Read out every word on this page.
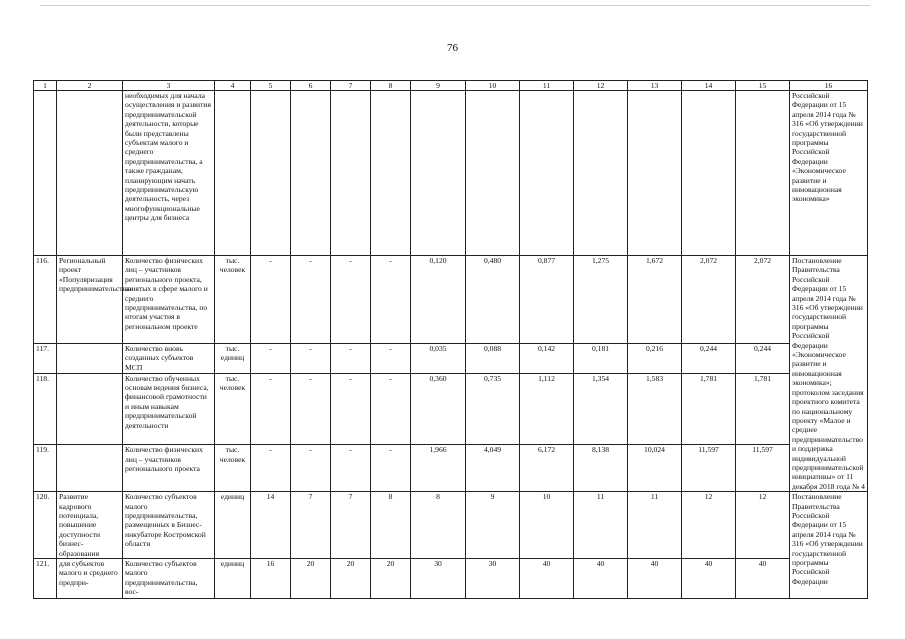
76
1	2	3	4	5	6	7	8	9	10	11	12	13	14	15	16
		необходимых для начала осуществления и развития предпринимательской деятельности, которые были представлены субъектам малого и среднего предпринимательства, а также гражданам, планирующим начать предпринимательскую деятельность, через многофункциональные центры для бизнеса													Российской Федерации от 15 апреля 2014 года № 316 «Об утверждении государственной программы Российской Федерации «Экономическое развитие и инновационная экономика»
116.	Региональный проект «Популяризация предпринимательства»	Количество физических лиц – участников регионального проекта, занятых в сфере малого и среднего предпринимательства, по итогам участия в региональном проекте	тыс. человек	-	-	-	-	0,120	0,480	0,877	1,275	1,672	2,072	2,072	Постановление Правительства Российской Федерации от 15 апреля 2014 года № 316 «Об утверждении государственной программы Российской Федерации «Экономическое развитие и инновационная экономика»; протоколом заседания проектного комитета по национальному проекту «Малое и среднее предпринимательство и поддержка индивидуальной предпринимательской инициативы» от 11 декабря 2018 года № 4
117.		Количество вновь созданных субъектов МСП	тыс. единиц	-	-	-	-	0,035	0,088	0,142	0,181	0,216	0,244	0,244	
118.		Количество обученных основам ведения бизнеса, финансовой грамотности и иным навыкам предпринимательской деятельности	тыс. человек	-	-	-	-	0,360	0,735	1,112	1,354	1,583	1,781	1,781	
119.		Количество физических лиц – участников регионального проекта	тыс. человек	-	-	-	-	1,966	4,049	6,172	8,138	10,024	11,597	11,597	
120.	Развитие кадрового потенциала, повышение доступности бизнес-образования	Количество субъектов малого предпринимательства, размещенных в Бизнес-инкубаторе Костромской области	единиц	14	7	7	8	8	9	10	11	11	12	12	Постановление Правительства Российской Федерации от 15 апреля 2014 года № 316 «Об утверждении государственной программы Российской Федерации
121.	для субъектов малого и среднего предпри-	Количество субъектов малого предпринимательства, вос-	единиц	16	20	20	20	30	30	40	40	40	40	40	
